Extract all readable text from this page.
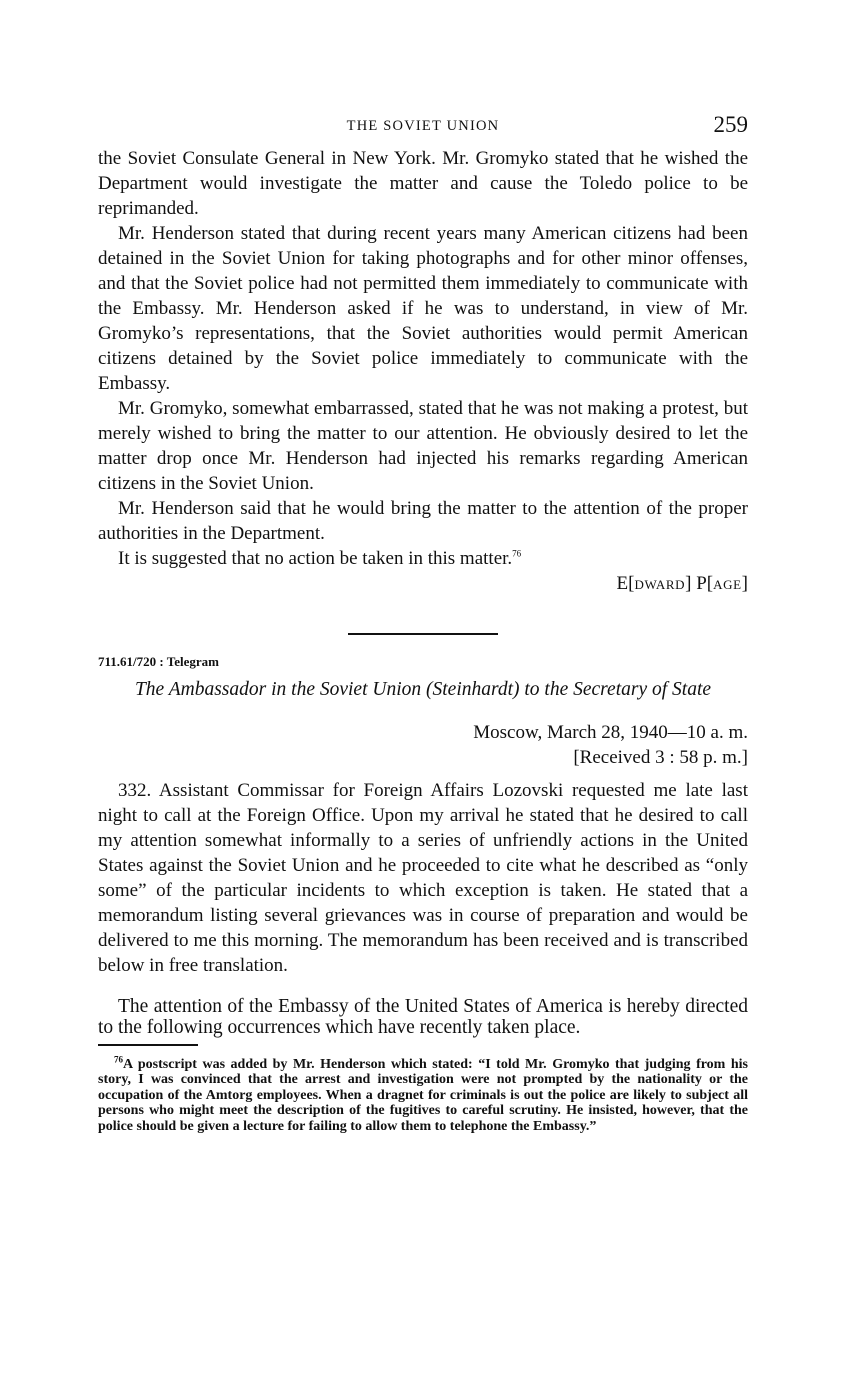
THE SOVIET UNION	259

the Soviet Consulate General in New York. Mr. Gromyko stated that he wished the Department would investigate the matter and cause the Toledo police to be reprimanded.

Mr. Henderson stated that during recent years many American citizens had been detained in the Soviet Union for taking photographs and for other minor offenses, and that the Soviet police had not permitted them immediately to communicate with the Embassy. Mr. Henderson asked if he was to understand, in view of Mr. Gromyko’s representations, that the Soviet authorities would permit American citizens detained by the Soviet police immediately to communicate with the Embassy.

Mr. Gromyko, somewhat embarrassed, stated that he was not making a protest, but merely wished to bring the matter to our attention. He obviously desired to let the matter drop once Mr. Henderson had injected his remarks regarding American citizens in the Soviet Union.

Mr. Henderson said that he would bring the matter to the attention of the proper authorities in the Department.

It is suggested that no action be taken in this matter.$^{76}$

E[DWARD] P[AGE]
711.61/720 : Telegram
The Ambassador in the Soviet Union (Steinhardt) to the Secretary of State
Moscow, March 28, 1940—10 a. m.
[Received 3 : 58 p. m.]

332. Assistant Commissar for Foreign Affairs Lozovski requested me late last night to call at the Foreign Office. Upon my arrival he stated that he desired to call my attention somewhat informally to a series of unfriendly actions in the United States against the Soviet Union and he proceeded to cite what he described as “only some” of the particular incidents to which exception is taken. He stated that a memorandum listing several grievances was in course of preparation and would be delivered to me this morning. The memorandum has been received and is transcribed below in free translation.

The attention of the Embassy of the United States of America is hereby directed to the following occurrences which have recently taken place.

$^{76}$A postscript was added by Mr. Henderson which stated: “I told Mr. Gromyko that judging from his story, I was convinced that the arrest and investigation were not prompted by the nationality or the occupation of the Amtorg employees. When a dragnet for criminals is out the police are likely to subject all persons who might meet the description of the fugitives to careful scrutiny. He insisted, however, that the police should be given a lecture for failing to allow them to telephone the Embassy.”
